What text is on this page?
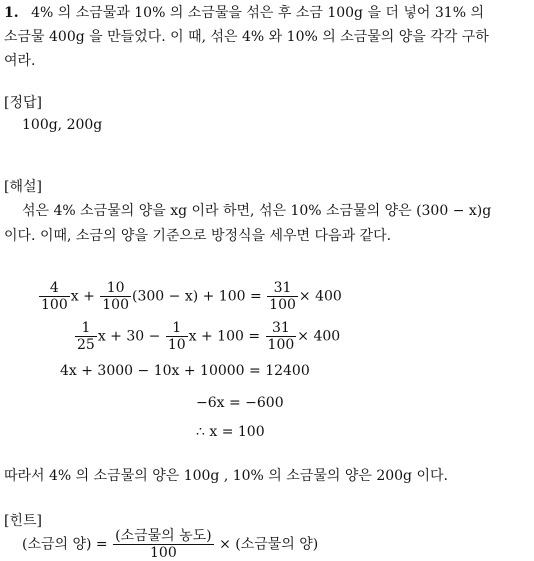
1. 4% 의 소금물과 10% 의 소금물을 섞은 후 소금 100g 을 더 넣어 31% 의
소금물 400g 을 만들었다. 이 때, 섞은 4% 와 10% 의 소금물의 양을 각각 구하
여라.
[정답]
100g, 200g
[해설]
섞은 4% 소금물의 양을 xg 이라 하면, 섞은 10% 소금물의 양은 (300 − x)g
이다. 이때, 소금의 양을 기준으로 방정식을 세우면 다음과 같다.
$\frac{4}{100}$ $x + \frac{10}{100} (300 - x) + 100 = \frac{31}{100} \times 400$
$\frac{1}{25}$ $x + 30 - \frac{1}{10}$ $x + 100 = \frac{31}{100} \times 400$
4x + 3000 − 10x + 10000 = 12400
−6x = −600
∴ x = 100
따라서 4% 의 소금물의 양은 100g , 10% 의 소금물의 양은 200g 이다.
[힌트]
(소금의 양) = $\frac{\text{(소금물의 농도)}}{100}$ × (소금물의 양)
